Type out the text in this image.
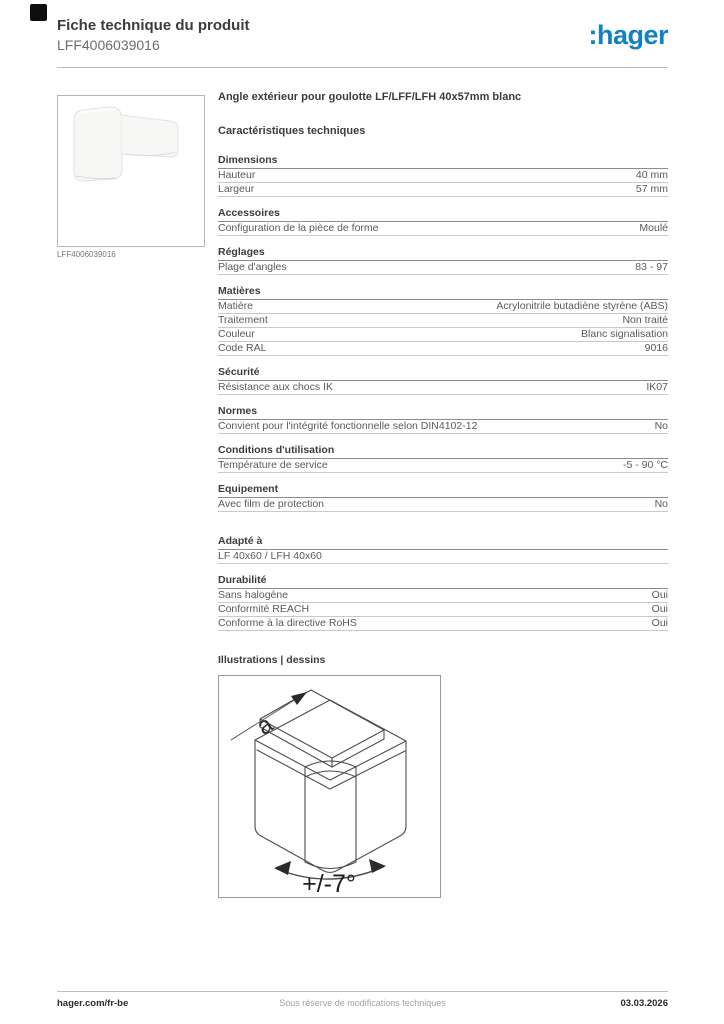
Fiche technique du produit
LFF4006039016	:hager
LFF4006039016
Angle extérieur pour goulotte LF/LFF/LFH 40x57mm blanc
Caractéristiques techniques
Dimensions
Hauteur	40 mm
Largeur	57 mm
Accessoires
Configuration de la pièce de forme	Moulé
Réglages
Plage d'angles	83 - 97
Matières
Matière	Acrylonitrile butadiène styrène (ABS)
Traitement	Non traité
Couleur	Blanc signalisation
Code RAL	9016
Sécurité
Résistance aux chocs IK	IK07
Normes
Convient pour l'intégrité fonctionnelle selon DIN4102-12	No
Conditions d'utilisation
Température de service	-5 - 90 °C
Equipement
Avec film de protection	No
Adapté à
LF 40x60 / LFH 40x60
Durabilité
Sans halogène	Oui
Conformité REACH	Oui
Conforme à la directive RoHS	Oui
Illustrations | dessins
a
+/-7°
hager.com/fr-be	Sous réserve de modifications techniques	03.03.2026
